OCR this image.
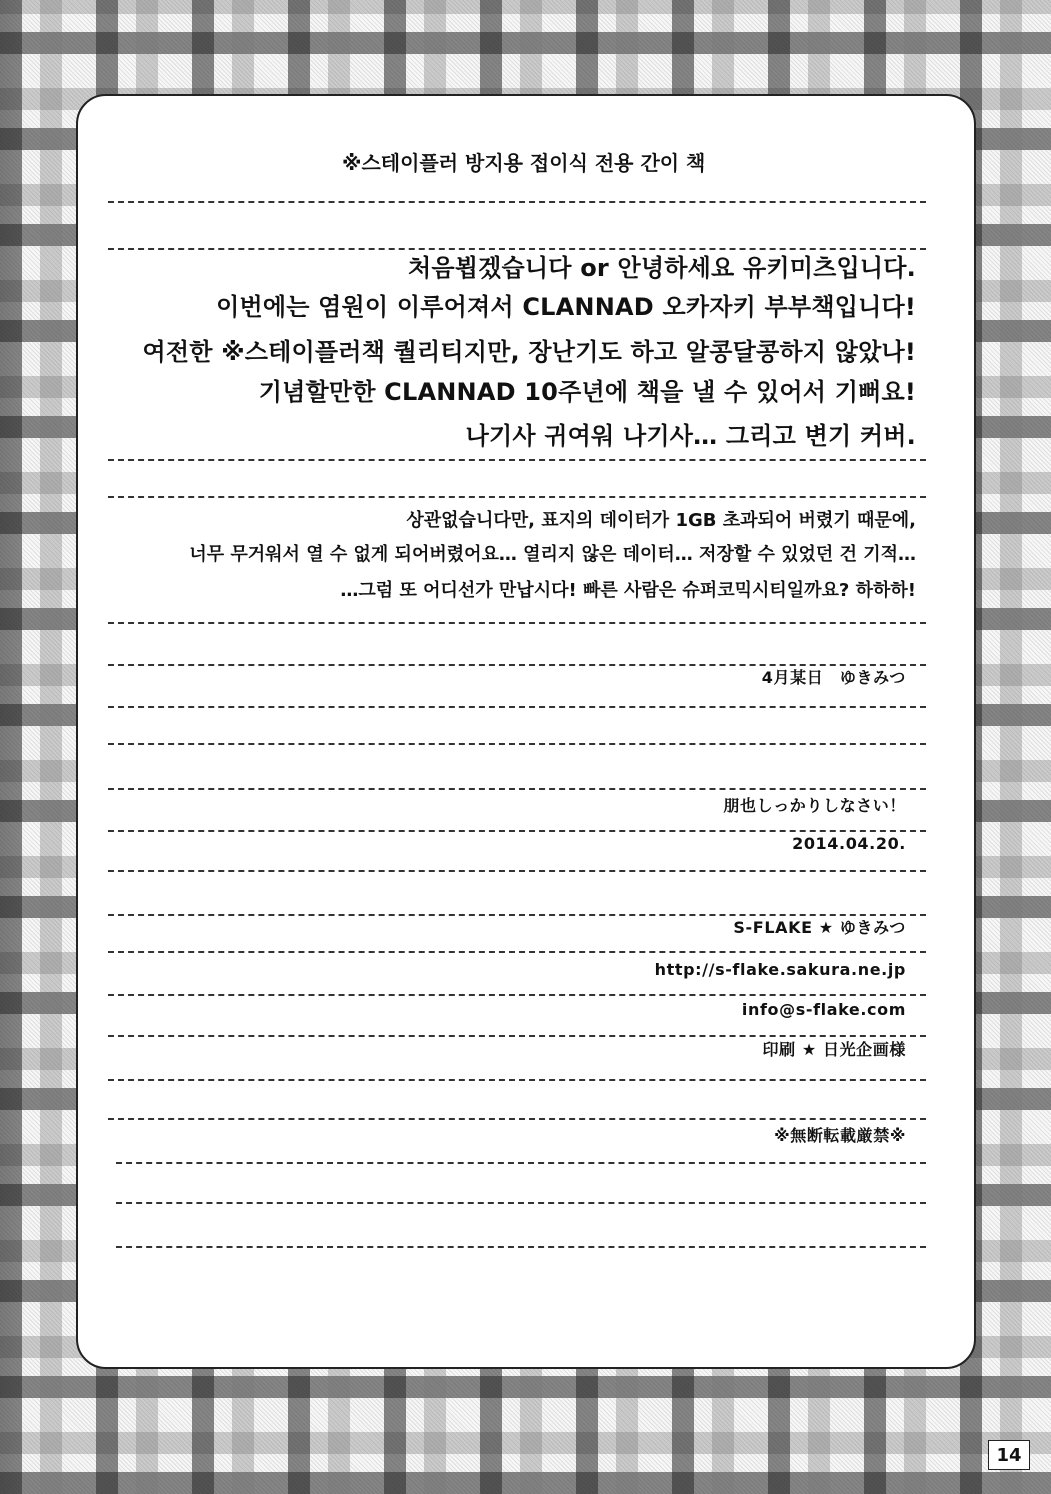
※스테이플러 방지용 접이식 전용 간이 책
처음뵙겠습니다 or 안녕하세요 유키미츠입니다.
이번에는 염원이 이루어져서 CLANNAD 오카자키 부부책입니다!
여전한 ※스테이플러책 퀄리티지만, 장난기도 하고 알콩달콩하지 않았나!
기념할만한 CLANNAD 10주년에 책을 낼 수 있어서 기뻐요!
나기사 귀여워 나기사… 그리고 변기 커버.
상관없습니다만, 표지의 데이터가 1GB 초과되어 버렸기 때문에,
너무 무거워서 열 수 없게 되어버렸어요… 열리지 않은 데이터… 저장할 수 있었던 건 기적…
…그럼 또 어디선가 만납시다! 빠른 사람은 슈퍼코믹시티일까요? 하하하!
4月某日　ゆきみつ
朋也しっかりしなさい！
2014.04.20.
S-FLAKE ★ ゆきみつ
http://s-flake.sakura.ne.jp
info@s-flake.com
印刷 ★ 日光企画様
※無断転載厳禁※
14
